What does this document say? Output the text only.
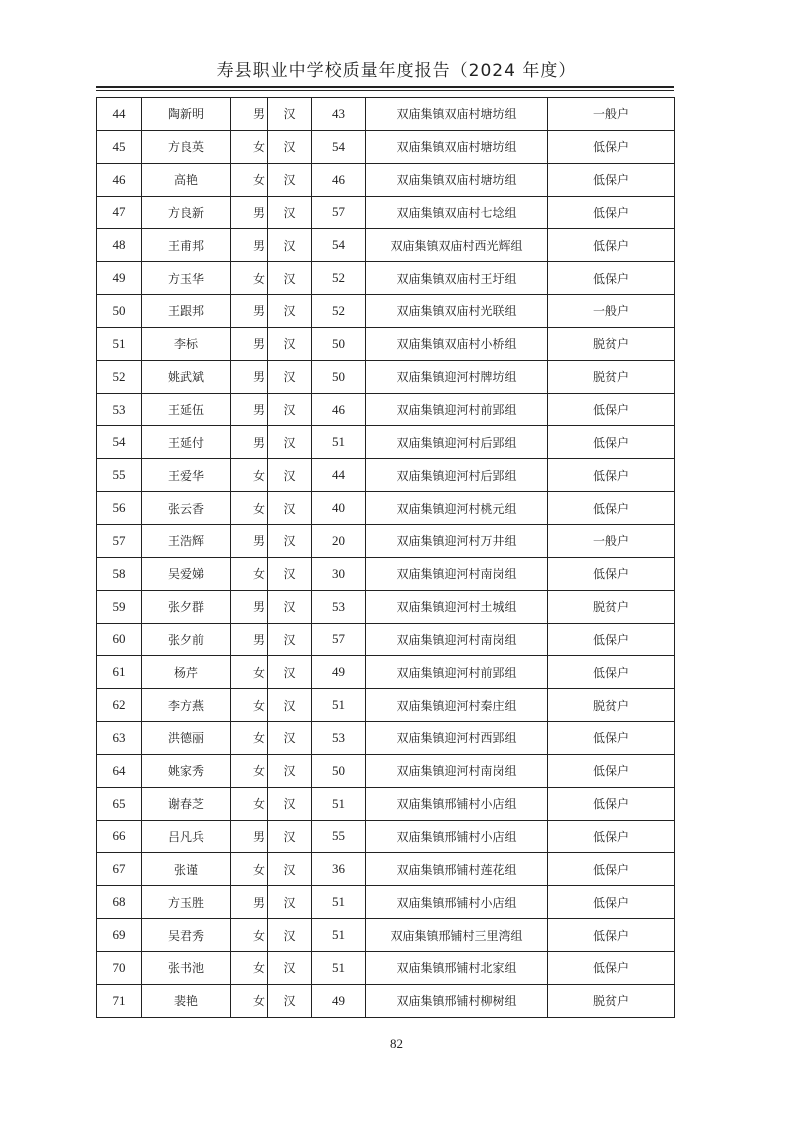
寿县职业中学校质量年度报告（2024 年度）
44	陶新明	男	汉	43	双庙集镇双庙村塘坊组	一般户
45	方良英	女	汉	54	双庙集镇双庙村塘坊组	低保户
46	高艳	女	汉	46	双庙集镇双庙村塘坊组	低保户
47	方良新	男	汉	57	双庙集镇双庙村七埝组	低保户
48	王甫邦	男	汉	54	双庙集镇双庙村西光辉组	低保户
49	方玉华	女	汉	52	双庙集镇双庙村王圩组	低保户
50	王跟邦	男	汉	52	双庙集镇双庙村光联组	一般户
51	李标	男	汉	50	双庙集镇双庙村小桥组	脱贫户
52	姚武斌	男	汉	50	双庙集镇迎河村牌坊组	脱贫户
53	王延伍	男	汉	46	双庙集镇迎河村前郢组	低保户
54	王延付	男	汉	51	双庙集镇迎河村后郢组	低保户
55	王爱华	女	汉	44	双庙集镇迎河村后郢组	低保户
56	张云香	女	汉	40	双庙集镇迎河村桃元组	低保户
57	王浩辉	男	汉	20	双庙集镇迎河村万井组	一般户
58	吴爱娣	女	汉	30	双庙集镇迎河村南岗组	低保户
59	张夕群	男	汉	53	双庙集镇迎河村土城组	脱贫户
60	张夕前	男	汉	57	双庙集镇迎河村南岗组	低保户
61	杨芹	女	汉	49	双庙集镇迎河村前郢组	低保户
62	李方燕	女	汉	51	双庙集镇迎河村秦庄组	脱贫户
63	洪德丽	女	汉	53	双庙集镇迎河村西郢组	低保户
64	姚家秀	女	汉	50	双庙集镇迎河村南岗组	低保户
65	谢春芝	女	汉	51	双庙集镇邢铺村小店组	低保户
66	吕凡兵	男	汉	55	双庙集镇邢铺村小店组	低保户
67	张谨	女	汉	36	双庙集镇邢铺村莲花组	低保户
68	方玉胜	男	汉	51	双庙集镇邢铺村小店组	低保户
69	吴君秀	女	汉	51	双庙集镇邢铺村三里湾组	低保户
70	张书池	女	汉	51	双庙集镇邢铺村北家组	低保户
71	裴艳	女	汉	49	双庙集镇邢铺村柳树组	脱贫户
82
